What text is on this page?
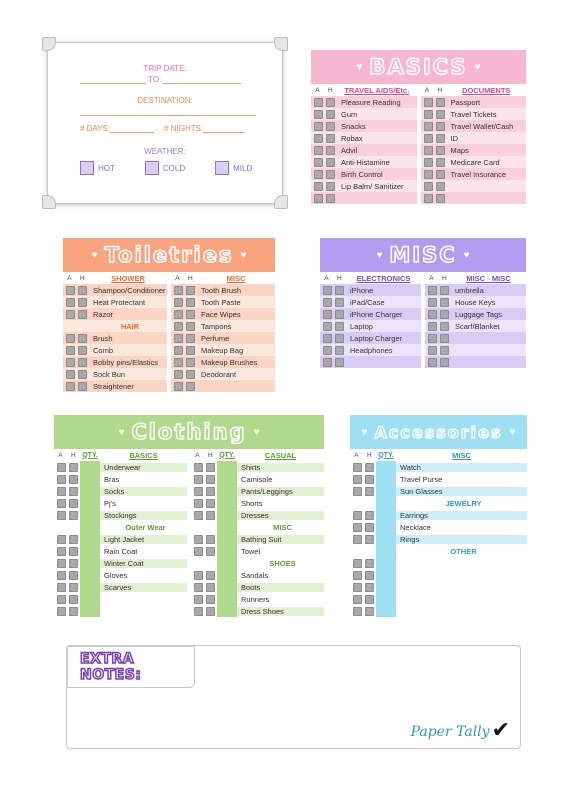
TRIP DATE:
TO:
DESTINATION:
# DAYS:	# NIGHTS:
WEATHER:
HOT	COLD	MILD
♥ BASICS ♥
A H	TRAVEL AIDS/Etc.
Pleasure Reading
Gum
Snacks
Robax
Advil
Anti-Histamine
Birth Control
Lip Balm/ Sanitizer
A H	DOCUMENTS
Passport
Travel Tickets
Travel Wallet/Cash
ID
Maps
Medicare Card
Travel Insurance
♥ Toiletries ♥
A H	SHOWER
Shampoo/Conditioner
Heat Protectant
Razor
HAIR
Brush
Comb
Bobby pins/Elastics
Sock Bun
Straightener
A H	MISC
Tooth Brush
Tooth Paste
Face Wipes
Tampons
Perfume
Makeup Bag
Makeup Brushes
Deodorant
♥ MISC ♥
A H	ELECTRONICS
iPhone
iPad/Case
iPhone Charger
Laptop
Laptop Charger
Headphones
A H	MISC ▫ MISC
umbrella
House Keys
Luggage Tags
Scarf/Blanket
♥ Clothing ♥
A H QTY.	BASICS
Underwear
Bras
Socks
Pj's
Stockings
Outer Wear
Light Jacket
Rain Coat
Winter Coat
Gloves
Scarves
A H QTY.	CASUAL
Shirts
Camisole
Pants/Leggings
Shorts
Dresses
MISC
Bathing Suit
Towel
SHOES
Sandals
Boots
Runners
Dress Shoes
♥ Accessories ♥
A H QTY.	MISC
Watch
Travel Purse
Sun Glasses
JEWELRY
Earrings
Necklace
Rings
OTHER
EXTRA NOTES:
Paper Tally ✔
